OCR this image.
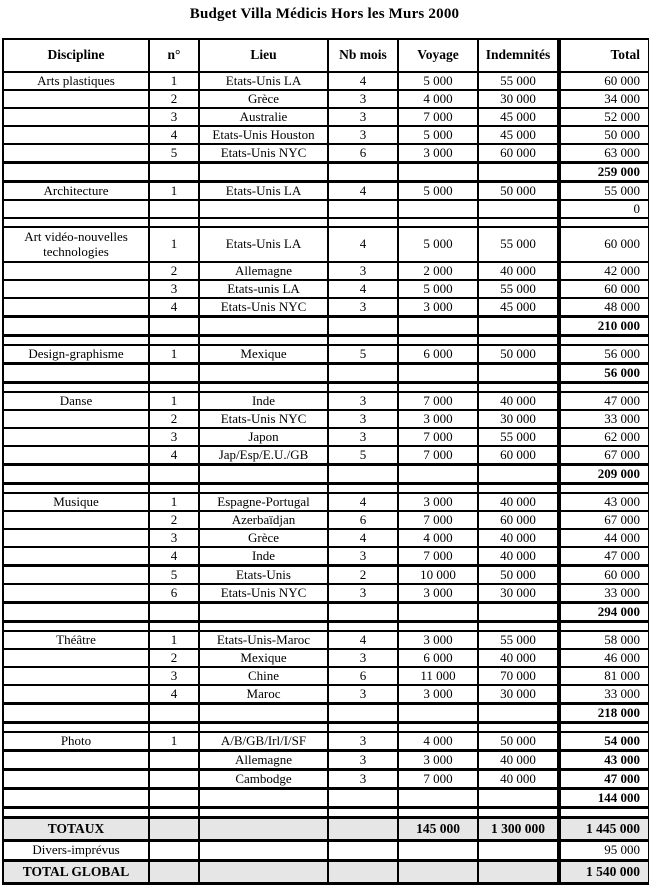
Budget Villa Médicis Hors les Murs 2000
Discipline	n°	Lieu	Nb mois	Voyage	Indemnités	Total
Arts plastiques	1	Etats-Unis LA	4	5 000	55 000	60 000
	2	Grèce	3	4 000	30 000	34 000
	3	Australie	3	7 000	45 000	52 000
	4	Etats-Unis Houston	3	5 000	45 000	50 000
	5	Etats-Unis NYC	6	3 000	60 000	63 000
						259 000
Architecture	1	Etats-Unis LA	4	5 000	50 000	55 000
						0

Art vidéo-nouvelles technologies	1	Etats-Unis LA	4	5 000	55 000	60 000
	2	Allemagne	3	2 000	40 000	42 000
	3	Etats-unis LA	4	5 000	55 000	60 000
	4	Etats-Unis NYC	3	3 000	45 000	48 000
						210 000

Design-graphisme	1	Mexique	5	6 000	50 000	56 000
						56 000

Danse	1	Inde	3	7 000	40 000	47 000
	2	Etats-Unis NYC	3	3 000	30 000	33 000
	3	Japon	3	7 000	55 000	62 000
	4	Jap/Esp/E.U./GB	5	7 000	60 000	67 000
						209 000

Musique	1	Espagne-Portugal	4	3 000	40 000	43 000
	2	Azerbaïdjan	6	7 000	60 000	67 000
	3	Grèce	4	4 000	40 000	44 000
	4	Inde	3	7 000	40 000	47 000
	5	Etats-Unis	2	10 000	50 000	60 000
	6	Etats-Unis NYC	3	3 000	30 000	33 000
						294 000

Théâtre	1	Etats-Unis-Maroc	4	3 000	55 000	58 000
	2	Mexique	3	6 000	40 000	46 000
	3	Chine	6	11 000	70 000	81 000
	4	Maroc	3	3 000	30 000	33 000
						218 000

Photo	1	A/B/GB/Irl/I/SF	3	4 000	50 000	54 000
		Allemagne	3	3 000	40 000	43 000
		Cambodge	3	7 000	40 000	47 000
						144 000

TOTAUX				145 000	1 300 000	1 445 000
Divers-imprévus						95 000
TOTAL GLOBAL						1 540 000
